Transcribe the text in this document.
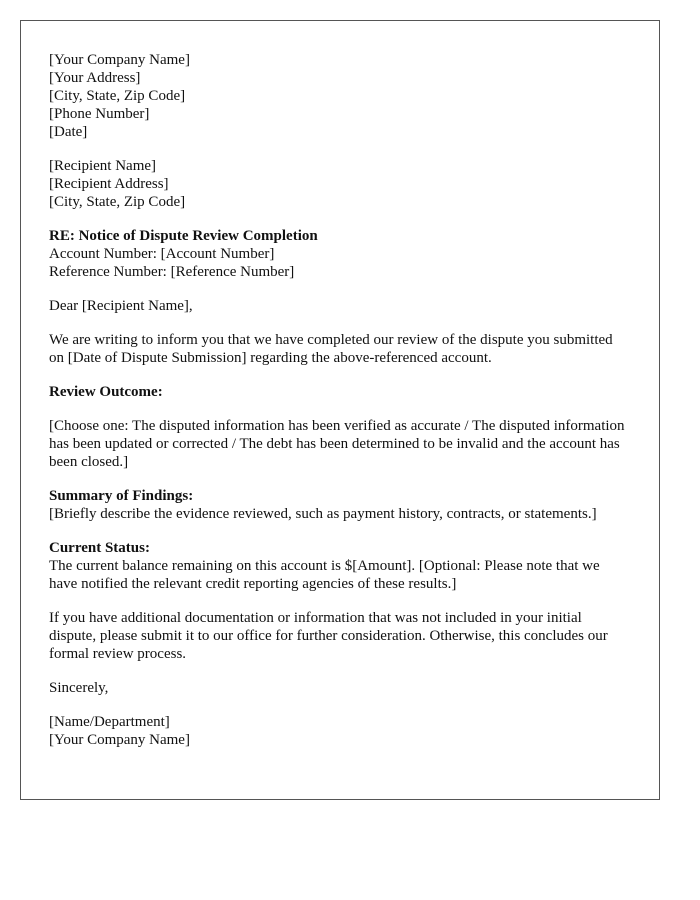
[Your Company Name]
[Your Address]
[City, State, Zip Code]
[Phone Number]
[Date]
[Recipient Name]
[Recipient Address]
[City, State, Zip Code]
RE: Notice of Dispute Review Completion
Account Number: [Account Number]
Reference Number: [Reference Number]

Dear [Recipient Name],

We are writing to inform you that we have completed our review of the dispute you submitted on [Date of Dispute Submission] regarding the above-referenced account.

Review Outcome:

[Choose one: The disputed information has been verified as accurate / The disputed information has been updated or corrected / The debt has been determined to be invalid and the account has been closed.]

Summary of Findings:
[Briefly describe the evidence reviewed, such as payment history, contracts, or statements.]
Current Status:
The current balance remaining on this account is $[Amount]. [Optional: Please note that we have notified the relevant credit reporting agencies of these results.]

If you have additional documentation or information that was not included in your initial dispute, please submit it to our office for further consideration. Otherwise, this concludes our formal review process.

Sincerely,

[Name/Department]
[Your Company Name]
